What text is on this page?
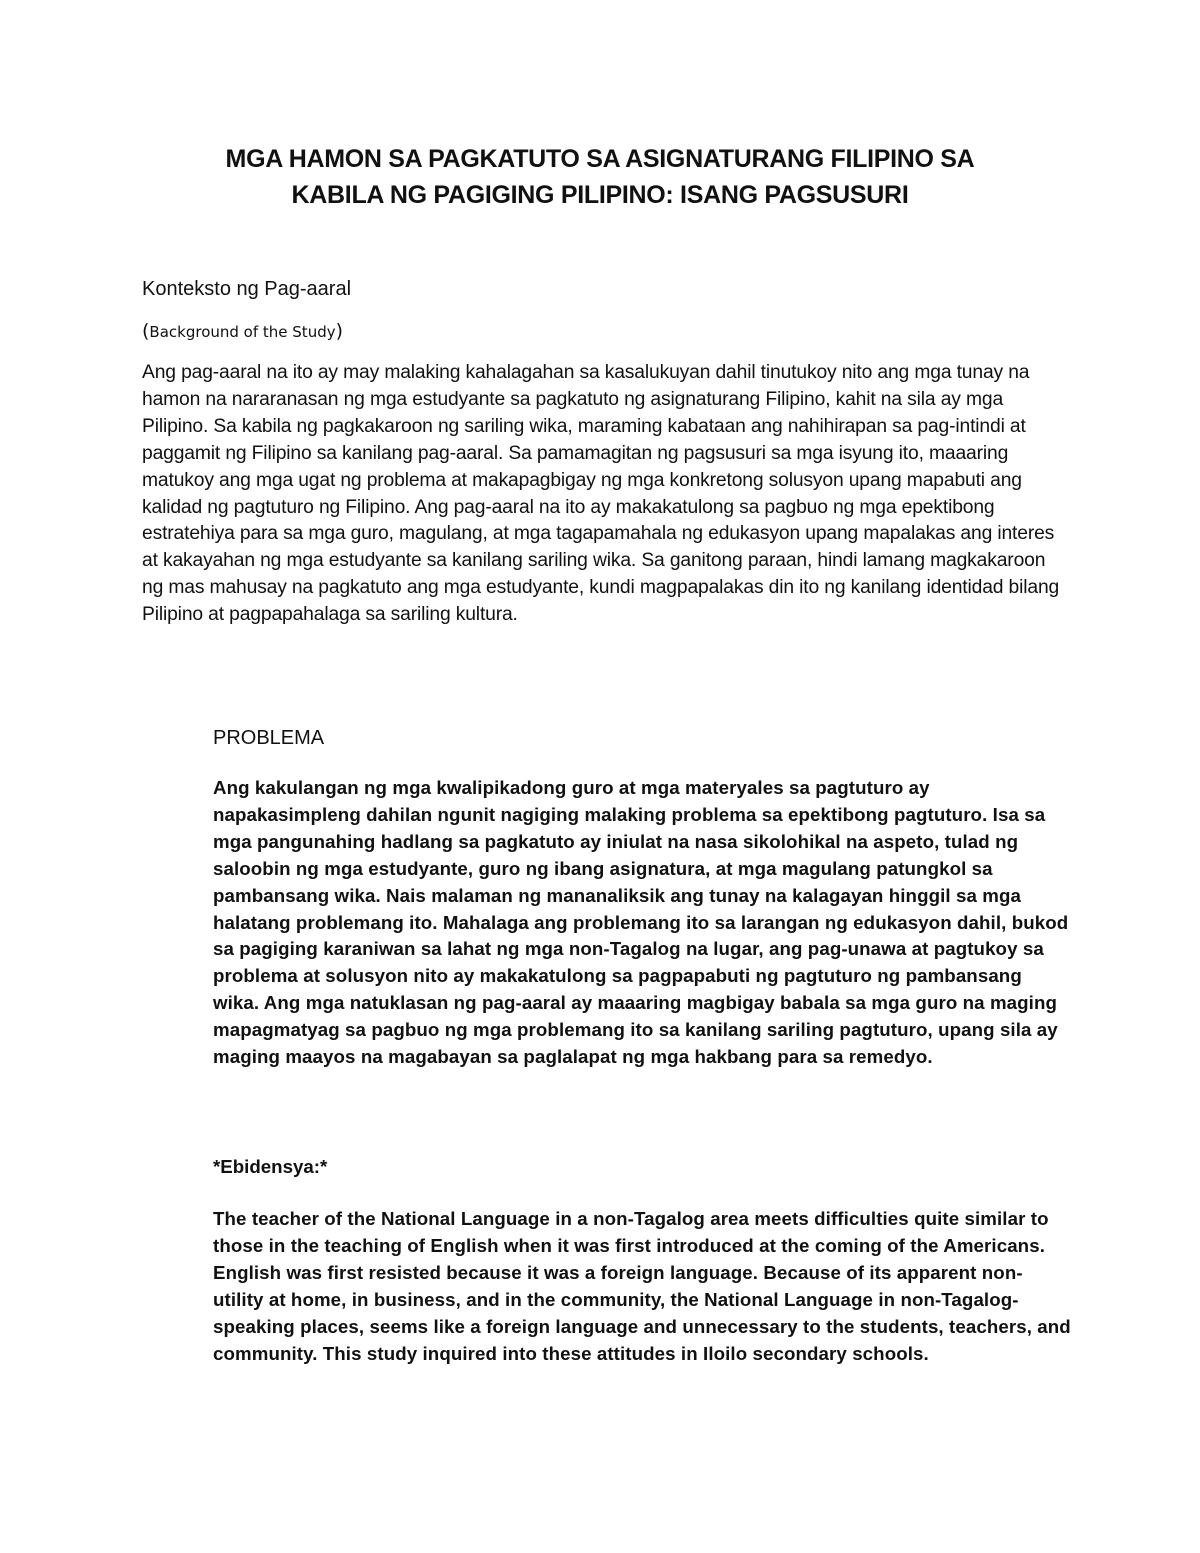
MGA HAMON SA PAGKATUTO SA ASIGNATURANG FILIPINO SA
KABILA NG PAGIGING PILIPINO: ISANG PAGSUSURI
Konteksto ng Pag-aaral

(Background of the Study)

Ang pag-aaral na ito ay may malaking kahalagahan sa kasalukuyan dahil tinutukoy nito ang mga tunay na hamon na nararanasan ng mga estudyante sa pagkatuto ng asignaturang Filipino, kahit na sila ay mga Pilipino. Sa kabila ng pagkakaroon ng sariling wika, maraming kabataan ang nahihirapan sa pag-intindi at paggamit ng Filipino sa kanilang pag-aaral. Sa pamamagitan ng pagsusuri sa mga isyung ito, maaaring matukoy ang mga ugat ng problema at makapagbigay ng mga konkretong solusyon upang mapabuti ang kalidad ng pagtuturo ng Filipino. Ang pag-aaral na ito ay makakatulong sa pagbuo ng mga epektibong estratehiya para sa mga guro, magulang, at mga tagapamahala ng edukasyon upang mapalakas ang interes at kakayahan ng mga estudyante sa kanilang sariling wika. Sa ganitong paraan, hindi lamang magkakaroon ng mas mahusay na pagkatuto ang mga estudyante, kundi magpapalakas din ito ng kanilang identidad bilang Pilipino at pagpapahalaga sa sariling kultura.

PROBLEMA

Ang kakulangan ng mga kwalipikadong guro at mga materyales sa pagtuturo ay napakasimpleng dahilan ngunit nagiging malaking problema sa epektibong pagtuturo. Isa sa mga pangunahing hadlang sa pagkatuto ay iniulat na nasa sikolohikal na aspeto, tulad ng saloobin ng mga estudyante, guro ng ibang asignatura, at mga magulang patungkol sa pambansang wika. Nais malaman ng mananaliksik ang tunay na kalagayan hinggil sa mga halatang problemang ito. Mahalaga ang problemang ito sa larangan ng edukasyon dahil, bukod sa pagiging karaniwan sa lahat ng mga non-Tagalog na lugar, ang pag-unawa at pagtukoy sa problema at solusyon nito ay makakatulong sa pagpapabuti ng pagtuturo ng pambansang wika. Ang mga natuklasan ng pag-aaral ay maaaring magbigay babala sa mga guro na maging mapagmatyag sa pagbuo ng mga problemang ito sa kanilang sariling pagtuturo, upang sila ay maging maayos na magabayan sa paglalapat ng mga hakbang para sa remedyo.

*Ebidensya:*

The teacher of the National Language in a non-Tagalog area meets difficulties quite similar to those in the teaching of English when it was first introduced at the coming of the Americans. English was first resisted because it was a foreign language. Because of its apparent non-utility at home, in business, and in the community, the National Language in non-Tagalog-speaking places, seems like a foreign language and unnecessary to the students, teachers, and community. This study inquired into these attitudes in Iloilo secondary schools.
